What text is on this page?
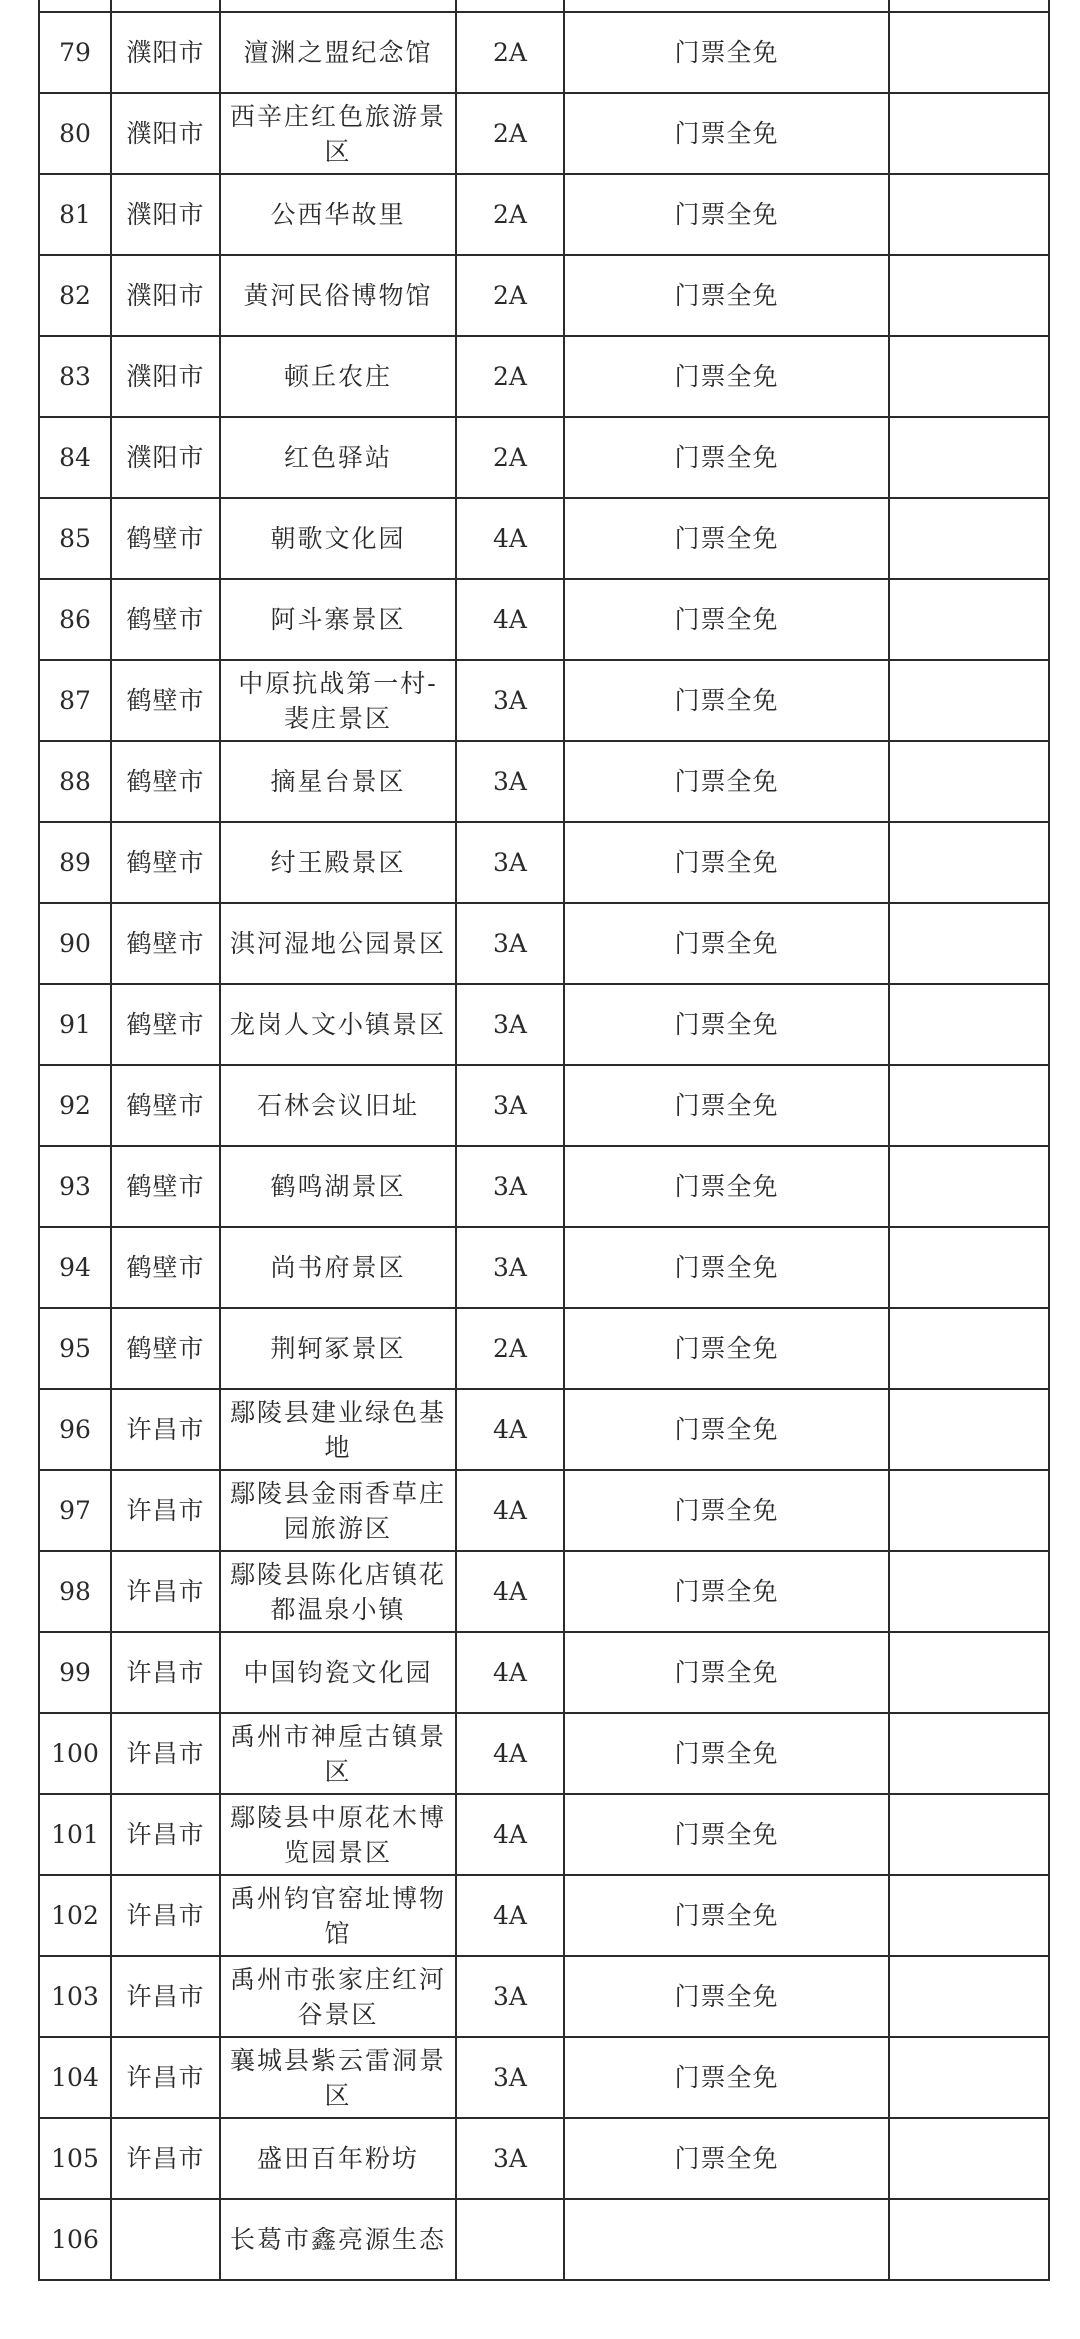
79	濮阳市	澶渊之盟纪念馆	2A	门票全免	
80	濮阳市	西辛庄红色旅游景区	2A	门票全免	
81	濮阳市	公西华故里	2A	门票全免	
82	濮阳市	黄河民俗博物馆	2A	门票全免	
83	濮阳市	顿丘农庄	2A	门票全免	
84	濮阳市	红色驿站	2A	门票全免	
85	鹤壁市	朝歌文化园	4A	门票全免	
86	鹤壁市	阿斗寨景区	4A	门票全免	
87	鹤壁市	中原抗战第一村-裴庄景区	3A	门票全免	
88	鹤壁市	摘星台景区	3A	门票全免	
89	鹤壁市	纣王殿景区	3A	门票全免	
90	鹤壁市	淇河湿地公园景区	3A	门票全免	
91	鹤壁市	龙岗人文小镇景区	3A	门票全免	
92	鹤壁市	石林会议旧址	3A	门票全免	
93	鹤壁市	鹤鸣湖景区	3A	门票全免	
94	鹤壁市	尚书府景区	3A	门票全免	
95	鹤壁市	荆轲冢景区	2A	门票全免	
96	许昌市	鄢陵县建业绿色基地	4A	门票全免	
97	许昌市	鄢陵县金雨香草庄园旅游区	4A	门票全免	
98	许昌市	鄢陵县陈化店镇花都温泉小镇	4A	门票全免	
99	许昌市	中国钧瓷文化园	4A	门票全免	
100	许昌市	禹州市神垕古镇景区	4A	门票全免	
101	许昌市	鄢陵县中原花木博览园景区	4A	门票全免	
102	许昌市	禹州钧官窑址博物馆	4A	门票全免	
103	许昌市	禹州市张家庄红河谷景区	3A	门票全免	
104	许昌市	襄城县紫云雷洞景区	3A	门票全免	
105	许昌市	盛田百年粉坊	3A	门票全免	
106		长葛市鑫亮源生态			
